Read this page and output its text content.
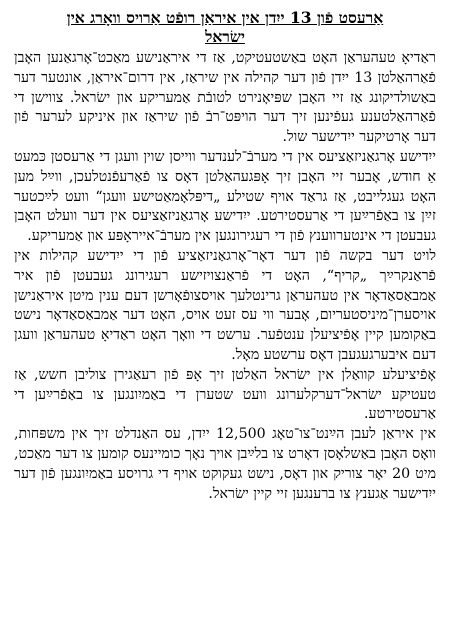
אַרעסט פֿון 13 ייִדן אין איראַן רופֿט אַרויס וואָרג אין
ישׂראל

ראַדיאָ טעהעראַן האָט באַשטעטיקט, אַז די איראַנישע מאַכט־אָרגאַנען האָבן פֿאַרהאַלטן 13 ייִדן פֿון דער קהילה אין שיראַז, אין דרום־איראַן, אונטער דער באַשולדיקונג אַז זיי האָבן שפּיאָנירט לטובֿת אַמעריקע און ישׂראל. צווישן די פֿאַרהאַלטענע געפֿינען זיך דער הויפּט־רבֿ פֿון שיראַז און איניקע לערער פֿון דער אָרטיקער ייִדישער שול.

ייִדישע אָרגאַניזאַציעס אין די מערבֿ־לענדער ווייסן שוין וועגן די אַרעסטן כּמעט אַ חודש, אָבער זיי האָבן זיך אָפּגעהאַלטן דאָס צו פֿאַרעפֿנטלעכן, ווײַל מען האָט געגלייבט, אַז גראַד אויף שטילע „דיפּלאָמאַטישע וועגן“ וועט לײַכטער זײַן צו באַפֿרײַען די אַרעסטירטע. ייִדישע אָרגאַניזאַציעס אין דער וועלט האָבן געבעטן די אינטערווענץ פֿון די רעגירונגען אין מערבֿ־אייראָפּע און אַמעריקע.

לויט דער בקשה פֿון דער דאָר־אָרגאַניזאַציע פֿון די ייִדישע קהילות אין פֿראַנקרײַך „קריף“, האָט די פֿראַנצויזישע רעגירונג געבעטן פֿון איר אַמבאַסאַדאָר אין טעהעראַן גרינטלעך אויסצופֿאָרשן דעם ענין מיטן איראַנישן אויסערן־מיניסטעריום, אָבער ווי עס זעט אויס, האָט דער אַמבאַסאַדאָר נישט באַקומען קיין אָפֿיציעלן ענטפֿער. ערשט די וואָך האָט ראַדיאָ טעהעראַן וועגן דעם איבערגעגעבן דאָס ערשטע מאָל.

אָפֿיציעלע קוואַלן אין ישׂראל האַלטן זיך אָפּ פֿון רעאַגירן צוליבן חשש, אַז טעטיקע ישׂראל־דערקלערונג וועט שטערן די באַמיִונגען צו באַפֿרײַען די אַרעסטירטע.

אין איראַן לעבן הײַנט־צו־טאָג 12,500 ייִדן, עס האַנדלט זיך אין משפּחות, וואָס האָבן באַשלאָסן דאָרט צו בלײַבן אויך נאָך כומיינעס קומען צו דער מאַכט, מיט 20 יאָר צוריק און דאָס, נישט געקוקט אויף די גרויסע באַמיִונגען פֿון דער ייִדישער אַגענץ צו ברענגען זיי קיין ישׂראל.
